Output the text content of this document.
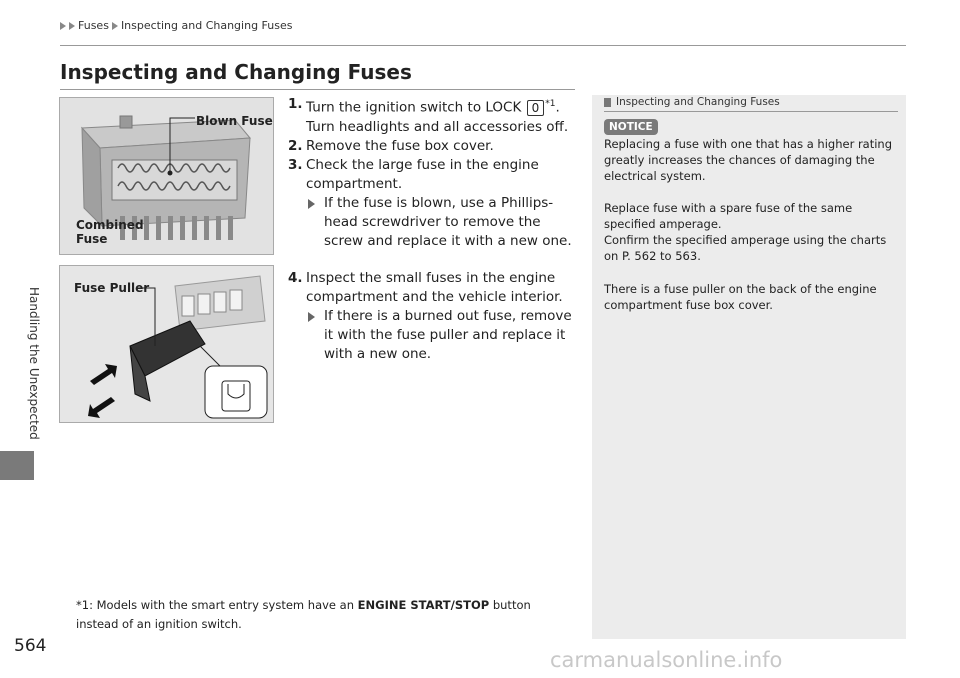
Fuses Inspecting and Changing Fuses
Handling the Unexpected
564
Inspecting and Changing Fuses
Blown Fuse
Combined Fuse
Fuse Puller
1. Turn the ignition switch to LOCK 0 $^{*1}$. Turn headlights and all accessories off.
2. Remove the fuse box cover.
3. Check the large fuse in the engine compartment.
If the fuse is blown, use a Phillips-head screwdriver to remove the screw and replace it with a new one.
4. Inspect the small fuses in the engine compartment and the vehicle interior.
If there is a burned out fuse, remove it with the fuse puller and replace it with a new one.
*1: Models with the smart entry system have an ENGINE START/STOP button instead of an ignition switch.
Inspecting and Changing Fuses
NOTICE
Replacing a fuse with one that has a higher rating greatly increases the chances of damaging the electrical system.
Replace fuse with a spare fuse of the same specified amperage.
Confirm the specified amperage using the charts on P. 562 to 563.
There is a fuse puller on the back of the engine compartment fuse box cover.
carmanualsonline.info
